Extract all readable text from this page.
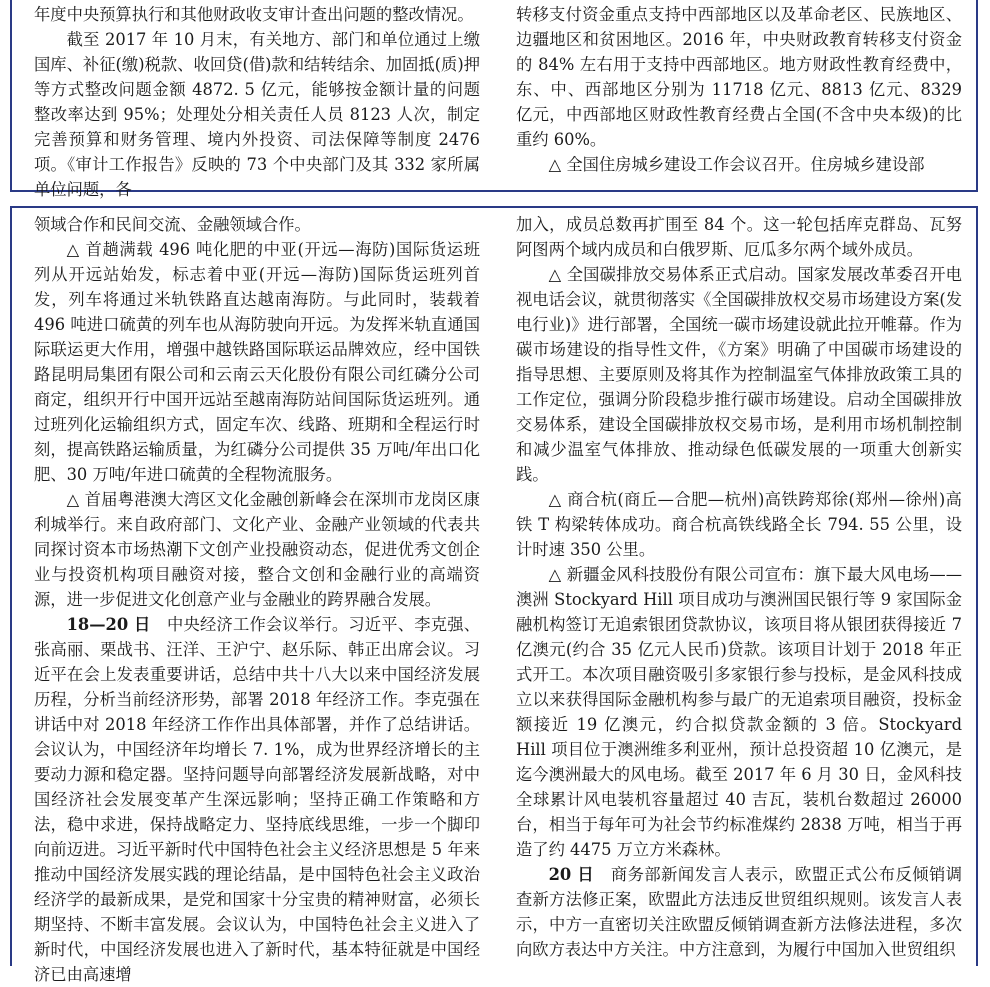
年度中央预算执行和其他财政收支审计查出问题的整改情况。

截至 2017 年 10 月末，有关地方、部门和单位通过上缴国库、补征(缴)税款、收回贷(借)款和结转结余、加固抵(质)押等方式整改问题金额 4872. 5 亿元，能够按金额计量的问题整改率达到 95%；处理处分相关责任人员 8123 人次，制定完善预算和财务管理、境内外投资、司法保障等制度 2476 项。《审计工作报告》反映的 73 个中央部门及其 332 家所属单位问题，各

转移支付资金重点支持中西部地区以及革命老区、民族地区、边疆地区和贫困地区。2016 年，中央财政教育转移支付资金的 84% 左右用于支持中西部地区。地方财政性教育经费中，东、中、西部地区分别为 11718 亿元、8813 亿元、8329 亿元，中西部地区财政性教育经费占全国(不含中央本级)的比重约 60%。

△ 全国住房城乡建设工作会议召开。住房城乡建设部

领域合作和民间交流、金融领域合作。

△ 首趟满载 496 吨化肥的中亚(开远—海防)国际货运班列从开远站始发，标志着中亚(开远—海防)国际货运班列首发，列车将通过米轨铁路直达越南海防。与此同时，装载着 496 吨进口硫黄的列车也从海防驶向开远。为发挥米轨直通国际联运更大作用，增强中越铁路国际联运品牌效应，经中国铁路昆明局集团有限公司和云南云天化股份有限公司红磷分公司商定，组织开行中国开远站至越南海防站间国际货运班列。通过班列化运输组织方式，固定车次、线路、班期和全程运行时刻，提高铁路运输质量，为红磷分公司提供 35 万吨/年出口化肥、30 万吨/年进口硫黄的全程物流服务。

△ 首届粤港澳大湾区文化金融创新峰会在深圳市龙岗区康利城举行。来自政府部门、文化产业、金融产业领域的代表共同探讨资本市场热潮下文创产业投融资动态，促进优秀文创企业与投资机构项目融资对接，整合文创和金融行业的高端资源，进一步促进文化创意产业与金融业的跨界融合发展。

18—20 日　 中央经济工作会议举行。习近平、李克强、张高丽、栗战书、汪洋、王沪宁、赵乐际、韩正出席会议。习近平在会上发表重要讲话，总结中共十八大以来中国经济发展历程，分析当前经济形势，部署 2018 年经济工作。李克强在讲话中对 2018 年经济工作作出具体部署，并作了总结讲话。会议认为，中国经济年均增长 7. 1%，成为世界经济增长的主要动力源和稳定器。坚持问题导向部署经济发展新战略，对中国经济社会发展变革产生深远影响；坚持正确工作策略和方法，稳中求进，保持战略定力、坚持底线思维，一步一个脚印向前迈进。习近平新时代中国特色社会主义经济思想是 5 年来推动中国经济发展实践的理论结晶，是中国特色社会主义政治经济学的最新成果，是党和国家十分宝贵的精神财富，必须长期坚持、不断丰富发展。会议认为，中国特色社会主义进入了新时代，中国经济发展也进入了新时代，基本特征就是中国经济已由高速增

加入，成员总数再扩围至 84 个。这一轮包括库克群岛、瓦努阿图两个域内成员和白俄罗斯、厄瓜多尔两个域外成员。

△ 全国碳排放交易体系正式启动。国家发展改革委召开电视电话会议，就贯彻落实《全国碳排放权交易市场建设方案(发电行业)》进行部署，全国统一碳市场建设就此拉开帷幕。作为碳市场建设的指导性文件，《方案》明确了中国碳市场建设的指导思想、主要原则及将其作为控制温室气体排放政策工具的工作定位，强调分阶段稳步推行碳市场建设。启动全国碳排放交易体系，建设全国碳排放权交易市场，是利用市场机制控制和减少温室气体排放、推动绿色低碳发展的一项重大创新实践。

△ 商合杭(商丘—合肥—杭州)高铁跨郑徐(郑州—徐州)高铁 T 构梁转体成功。商合杭高铁线路全长 794. 55 公里，设计时速 350 公里。

△ 新疆金风科技股份有限公司宣布：旗下最大风电场——澳洲 Stockyard Hill 项目成功与澳洲国民银行等 9 家国际金融机构签订无追索银团贷款协议，该项目将从银团获得接近 7 亿澳元(约合 35 亿元人民币)贷款。该项目计划于 2018 年正式开工。本次项目融资吸引多家银行参与投标，是金风科技成立以来获得国际金融机构参与最广的无追索项目融资，投标金额接近 19 亿澳元，约合拟贷款金额的 3 倍。Stockyard Hill 项目位于澳洲维多利亚州，预计总投资超 10 亿澳元，是迄今澳洲最大的风电场。截至 2017 年 6 月 30 日，金风科技全球累计风电装机容量超过 40 吉瓦，装机台数超过 26000 台，相当于每年可为社会节约标准煤约 2838 万吨，相当于再造了约 4475 万立方米森林。

20 日　 商务部新闻发言人表示，欧盟正式公布反倾销调查新方法修正案，欧盟此方法违反世贸组织规则。该发言人表示，中方一直密切关注欧盟反倾销调查新方法修法进程，多次向欧方表达中方关注。中方注意到，为履行中国加入世贸组织
